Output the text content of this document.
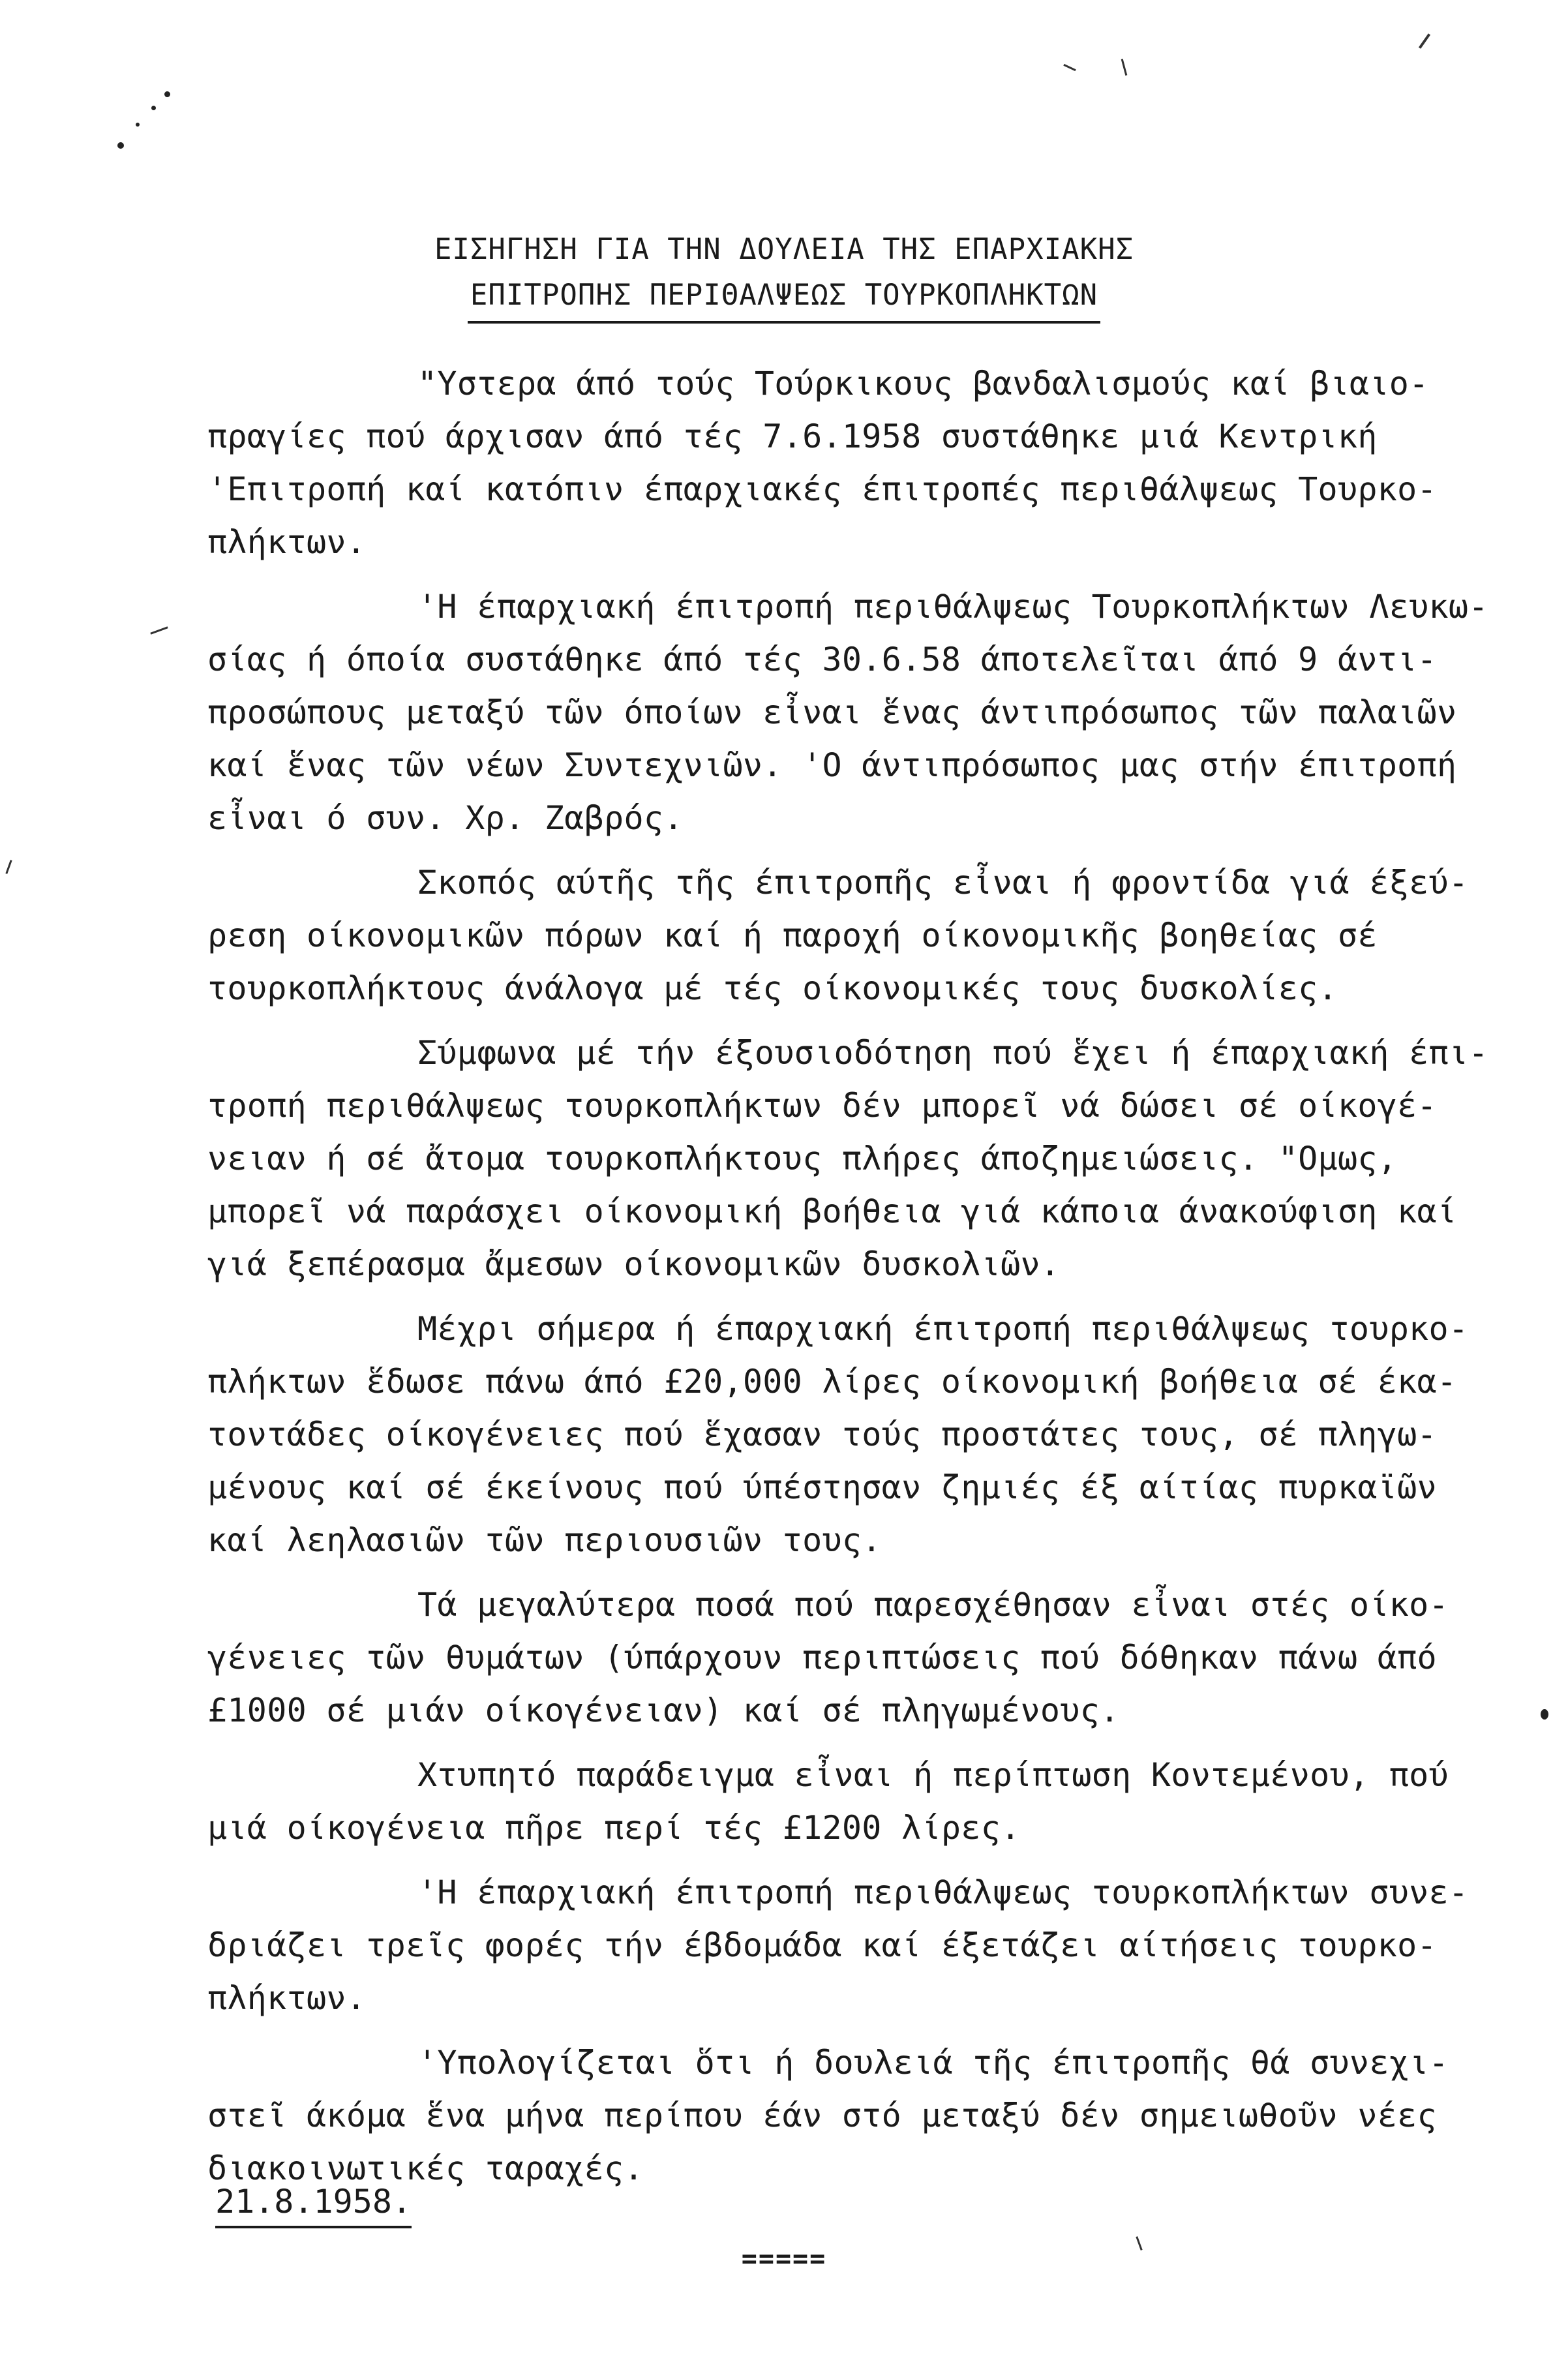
ΕΙΣΗΓΗΣΗ ΓΙΑ ΤΗΝ ΔΟΥΛΕΙΑ ΤΗΣ ΕΠΑΡΧΙΑΚΗΣ
ΕΠΙΤΡΟΠΗΣ ΠΕΡΙΘΑΛΨΕΩΣ ΤΟΥΡΚΟΠΛΗΚΤΩΝ

"Υστερα άπό τούς Τούρκικους βανδαλισμούς καί βιαιο-
πραγίες πού άρχισαν άπό τές 7.6.1958 συστάθηκε μιά Κεντρική
'Επιτροπή καί κατόπιν έπαρχιακές έπιτροπές περιθάλψεως Τουρκο-
πλήκτων.

'Η έπαρχιακή έπιτροπή περιθάλψεως Τουρκοπλήκτων Λευκω-
σίας ή όποία συστάθηκε άπό τές 30.6.58 άποτελεῖται άπό 9 άντι-
προσώπους μεταξύ τῶν όποίων εἶναι ἕνας άντιπρόσωπος τῶν παλαιῶν
καί ἕνας τῶν νέων Συντεχνιῶν. 'Ο άντιπρόσωπος μας στήν έπιτροπή
εἶναι ό συν. Χρ. Ζαβρός.

Σκοπός αύτῆς τῆς έπιτροπῆς εἶναι ή φροντίδα γιά έξεύ-
ρεση οίκονομικῶν πόρων καί ή παροχή οίκονομικῆς βοηθείας σέ
τουρκοπλήκτους άνάλογα μέ τές οίκονομικές τους δυσκολίες.

Σύμφωνα μέ τήν έξουσιοδότηση πού ἕχει ή έπαρχιακή έπι-
τροπή περιθάλψεως τουρκοπλήκτων δέν μπορεῖ νά δώσει σέ οίκογέ-
νειαν ή σέ ἄτομα τουρκοπλήκτους πλήρες άποζημειώσεις. "Ομως,
μπορεῖ νά παράσχει οίκονομική βοήθεια γιά κάποια άνακούφιση καί
γιά ξεπέρασμα ἄμεσων οίκονομικῶν δυσκολιῶν.

Μέχρι σήμερα ή έπαρχιακή έπιτροπή περιθάλψεως τουρκο-
πλήκτων ἕδωσε πάνω άπό £20,000 λίρες οίκονομική βοήθεια σέ έκα-
τοντάδες οίκογένειες πού ἕχασαν τούς προστάτες τους, σέ πληγω-
μένους καί σέ έκείνους πού ύπέστησαν ζημιές έξ αίτίας πυρκαϊῶν
καί λεηλασιῶν τῶν περιουσιῶν τους.

Τά μεγαλύτερα ποσά πού παρεσχέθησαν εἶναι στές οίκο-
γένειες τῶν θυμάτων (ύπάρχουν περιπτώσεις πού δόθηκαν πάνω άπό
£1000 σέ μιάν οίκογένειαν) καί σέ πληγωμένους.

Χτυπητό παράδειγμα εἶναι ή περίπτωση Κοντεμένου, πού
μιά οίκογένεια πῆρε περί τές £1200 λίρες.

'Η έπαρχιακή έπιτροπή περιθάλψεως τουρκοπλήκτων συνε-
δριάζει τρεῖς φορές τήν έβδομάδα καί έξετάζει αίτήσεις τουρκο-
πλήκτων.

'Υπολογίζεται ὅτι ή δουλειά τῆς έπιτροπῆς θά συνεχι-
στεῖ άκόμα ἕνα μήνα περίπου έάν στό μεταξύ δέν σημειωθοῦν νέες
διακοινωτικές ταραχές.

21.8.1958.
=====
